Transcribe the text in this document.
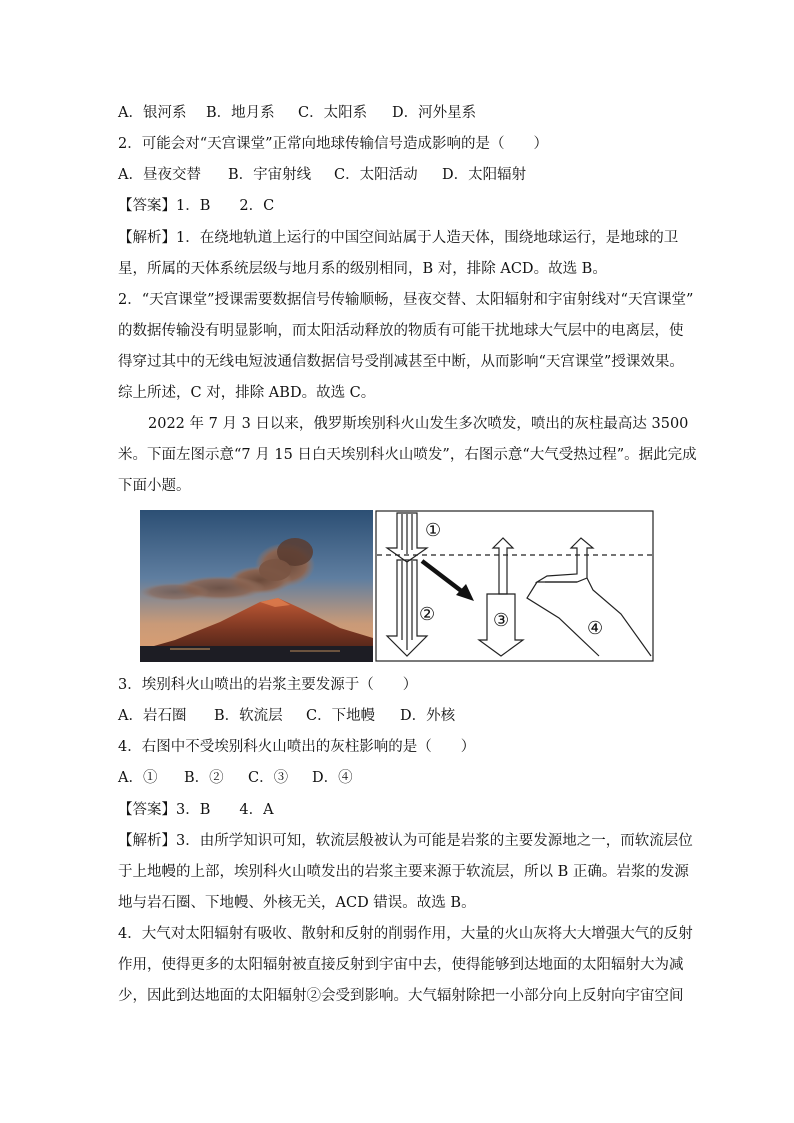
A．银河系 B．地月系 C．太阳系 D．河外星系
2．可能会对“天宫课堂”正常向地球传输信号造成影响的是（　　）
A．昼夜交替 B．宇宙射线 C．太阳活动 D．太阳辐射
【答案】1．B　　2．C
【解析】1．在绕地轨道上运行的中国空间站属于人造天体，围绕地球运行，是地球的卫
星，所属的天体系统层级与地月系的级别相同，B 对，排除 ACD。故选 B。
2．“天宫课堂”授课需要数据信号传输顺畅，昼夜交替、太阳辐射和宇宙射线对“天宫课堂”
的数据传输没有明显影响，而太阳活动释放的物质有可能干扰地球大气层中的电离层，使
得穿过其中的无线电短波通信数据信号受削减甚至中断，从而影响“天宫课堂”授课效果。
综上所述，C 对，排除 ABD。故选 C。
2022 年 7 月 3 日以来，俄罗斯埃别科火山发生多次喷发，喷出的灰柱最高达 3500
米。下面左图示意“7 月 15 日白天埃别科火山喷发”，右图示意“大气受热过程”。据此完成
下面小题。
①
②	③	④
3．埃别科火山喷出的岩浆主要发源于（　　）
A．岩石圈 B．软流层 C．下地幔 D．外核
4．右图中不受埃别科火山喷出的灰柱影响的是（　　）
A．① B．② C．③ D．④
【答案】3．B　　4．A
【解析】3．由所学知识可知，软流层般被认为可能是岩浆的主要发源地之一，而软流层位
于上地幔的上部，埃别科火山喷发出的岩浆主要来源于软流层，所以 B 正确。岩浆的发源
地与岩石圈、下地幔、外核无关，ACD 错误。故选 B。
4．大气对太阳辐射有吸收、散射和反射的削弱作用，大量的火山灰将大大增强大气的反射
作用，使得更多的太阳辐射被直接反射到宇宙中去，使得能够到达地面的太阳辐射大为减
少，因此到达地面的太阳辐射②会受到影响。大气辐射除把一小部分向上反射向宇宙空间
